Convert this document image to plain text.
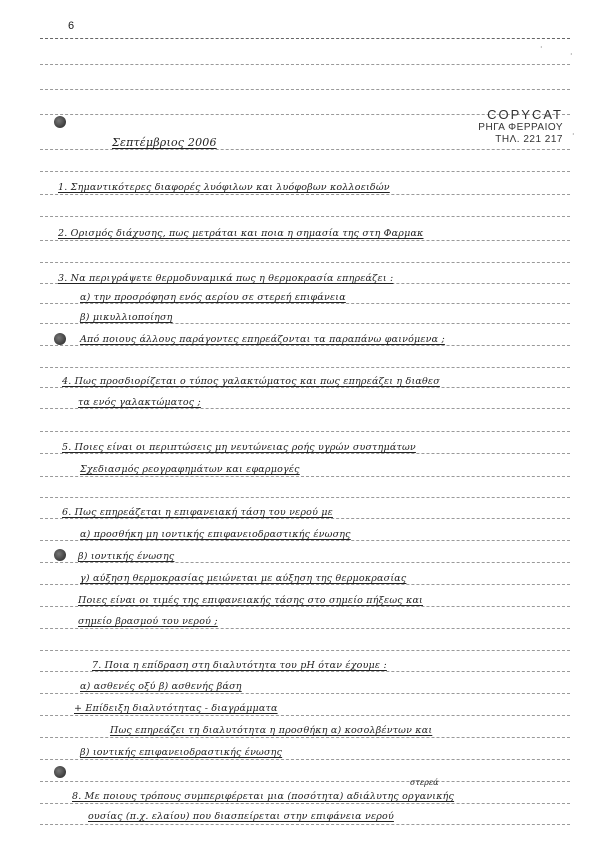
6
·
·
·
COPYCAT
ΡΗΓΑ ΦΕΡΡΑΙΟΥ
ΤΗΛ. 221 217
Σεπτέμβριος 2006
1. Σημαντικότερες διαφορές λυόφιλων και λυόφοβων κολλοειδών
2. Ορισμός διάχυσης, πως μετράται και ποια η σημασία της στη Φαρμακ
3. Να περιγράψετε θερμοδυναμικά πως η θερμοκρασία επηρεάζει :
α) την προσρόφηση ενός αερίου σε στερεή επιφάνεια
β) μικυλλιοποίηση
Από ποιους άλλους παράγοντες επηρεάζονται τα παραπάνω φαινόμενα ;
4. Πως προσδιορίζεται ο τύπος γαλακτώματος και πως επηρεάζει η διαθεσ
τα ενός γαλακτώματος ;
5. Ποιες είναι οι περιπτώσεις μη νευτώνειας ροής υγρών συστημάτων
Σχεδιασμός ρεογραφημάτων και εφαρμογές
6. Πως επηρεάζεται η επιφανειακή τάση του νερού με
α) προσθήκη μη ιοντικής επιφανειοδραστικής ένωσης
β) ιοντικής ένωσης
γ) αύξηση θερμοκρασίας μειώνεται με αύξηση της θερμοκρασίας
Ποιες είναι οι τιμές της επιφανειακής τάσης στο σημείο πήξεως και
σημείο βρασμού του νερού ;
7. Ποια η επίδραση στη διαλυτότητα του pH όταν έχουμε :
α) ασθενές οξύ β) ασθενής βάση
+ Επίδειξη διαλυτότητας - διαγράμματα
Πως επηρεάζει τη διαλυτότητα η προσθήκη α) κοσολβέντων και
β) ιοντικής επιφανειοδραστικής ένωσης
στερεά
8. Με ποιους τρόπους συμπεριφέρεται μια (ποσότητα) αδιάλυτης οργανικής
ουσίας (π.χ. ελαίου) που διασπείρεται στην επιφάνεια νερού
